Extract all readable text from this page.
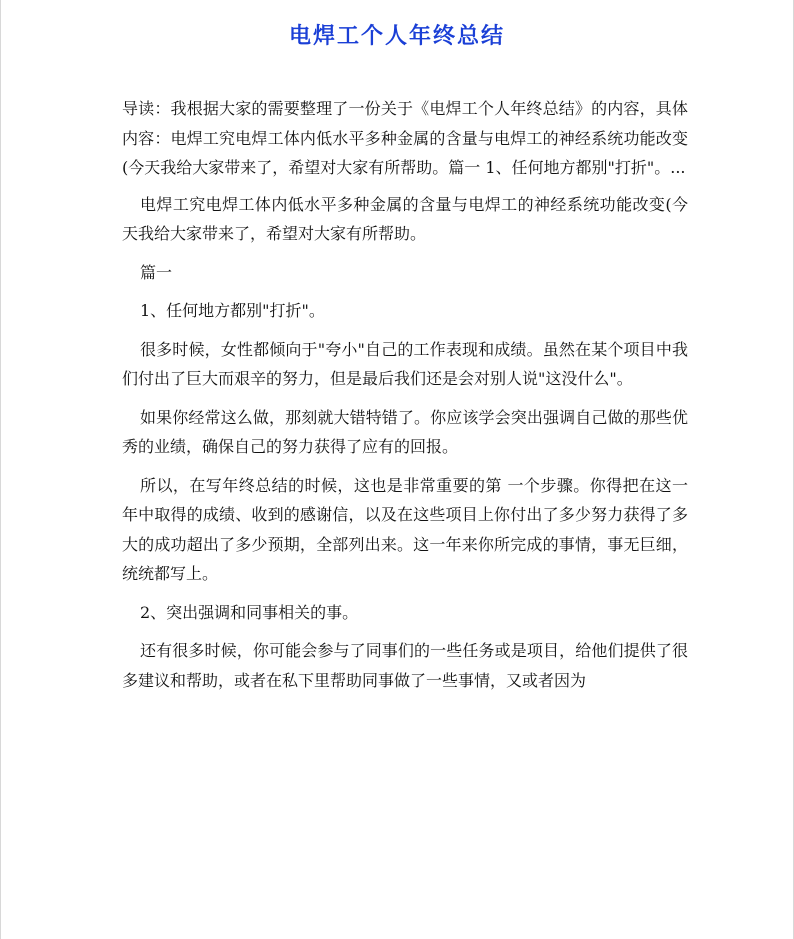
电焊工个人年终总结

导读：我根据大家的需要整理了一份关于《电焊工个人年终总结》的内容，具体内容：电焊工究电焊工体内低水平多种金属的含量与电焊工的神经系统功能改变(今天我给大家带来了，希望对大家有所帮助。篇一 1、任何地方都别"打折"。...

电焊工究电焊工体内低水平多种金属的含量与电焊工的神经系统功能改变(今天我给大家带来了，希望对大家有所帮助。

篇一

1、任何地方都别"打折"。

很多时候，女性都倾向于"夸小"自己的工作表现和成绩。虽然在某个项目中我们付出了巨大而艰辛的努力，但是最后我们还是会对别人说"这没什么"。

如果你经常这么做，那刻就大错特错了。你应该学会突出强调自己做的那些优秀的业绩，确保自己的努力获得了应有的回报。

所以，在写年终总结的时候，这也是非常重要的第 一个步骤。你得把在这一年中取得的成绩、收到的感谢信，以及在这些项目上你付出了多少努力获得了多大的成功超出了多少预期，全部列出来。这一年来你所完成的事情，事无巨细，统统都写上。

2、突出强调和同事相关的事。

还有很多时候，你可能会参与了同事们的一些任务或是项目，给他们提供了很多建议和帮助，或者在私下里帮助同事做了一些事情，又或者因为
